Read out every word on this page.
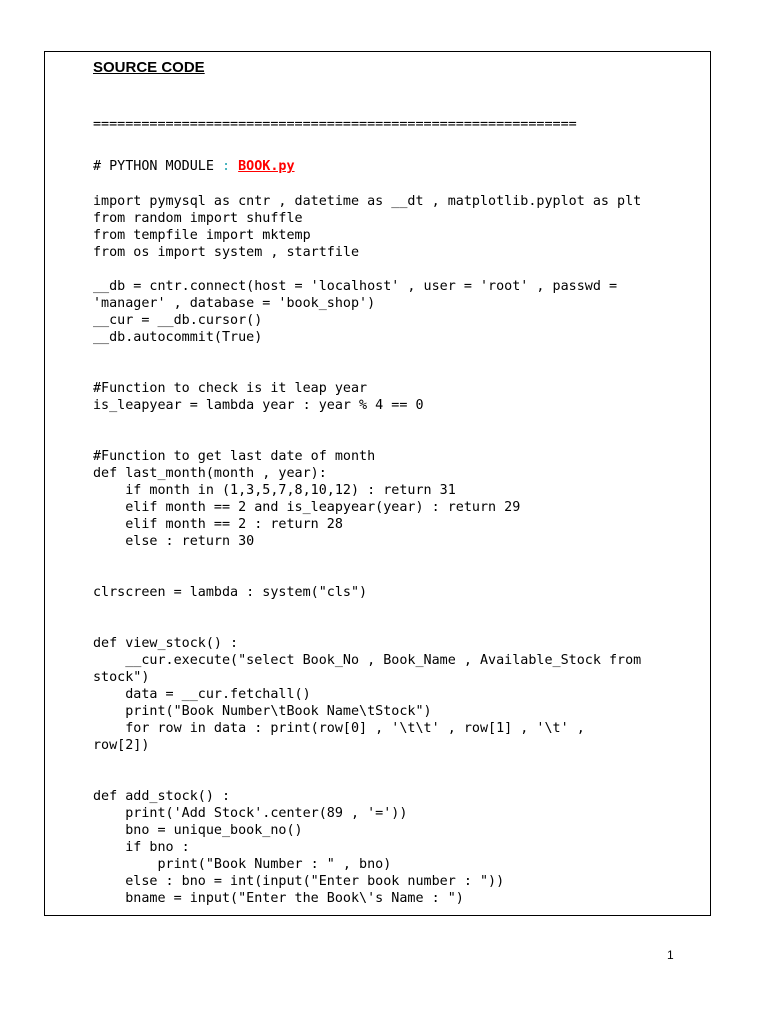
SOURCE CODE
============================================================
# PYTHON MODULE : BOOK.py
import pymysql as cntr , datetime as __dt , matplotlib.pyplot as plt
from random import shuffle
from tempfile import mktemp
from os import system , startfile
__db = cntr.connect(host = 'localhost' , user = 'root' , passwd =
'manager' , database = 'book_shop')
__cur = __db.cursor()
__db.autocommit(True)
#Function to check is it leap year
is_leapyear = lambda year : year % 4 == 0
#Function to get last date of month
def last_month(month , year):
if month in (1,3,5,7,8,10,12) : return 31
elif month == 2 and is_leapyear(year) : return 29
elif month == 2 : return 28
else : return 30
clrscreen = lambda : system("cls")
def view_stock() :
__cur.execute("select Book_No , Book_Name , Available_Stock from
stock")
data = __cur.fetchall()
print("Book Number\tBook Name\tStock")
for row in data : print(row[0] , '\t\t' , row[1] , '\t' ,
row[2])
def add_stock() :
print('Add Stock'.center(89 , '='))
bno = unique_book_no()
if bno :
print("Book Number : " , bno)
else : bno = int(input("Enter book number : "))
bname = input("Enter the Book\'s Name : ")
1
